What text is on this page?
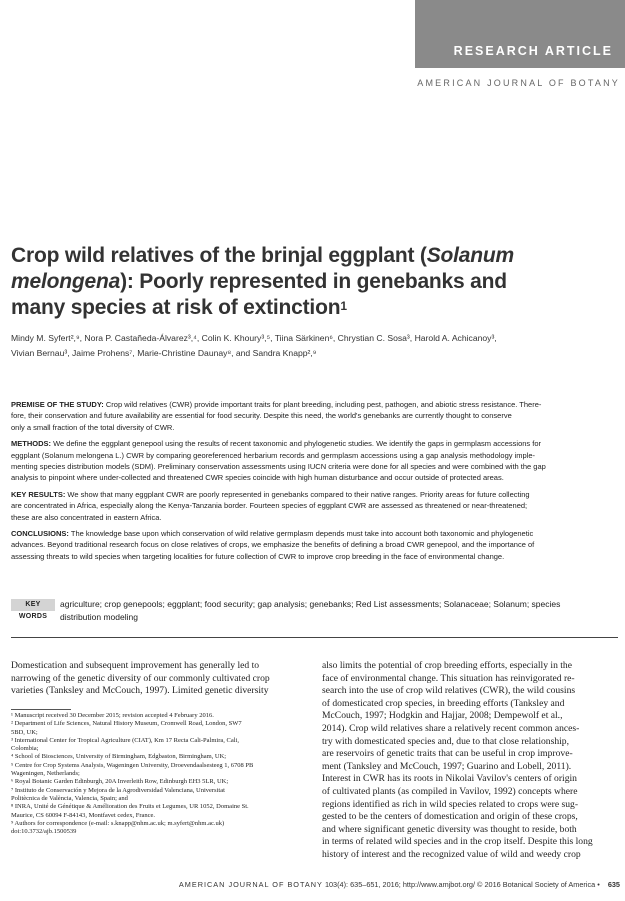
RESEARCH ARTICLE
AMERICAN JOURNAL OF BOTANY
Crop wild relatives of the brinjal eggplant (Solanum
melongena): Poorly represented in genebanks and
many species at risk of extinction$^1$
Mindy M. Syfert²,⁹, Nora P. Castañeda-Álvarez³,⁴, Colin K. Khoury³,⁵, Tiina Särkinen⁶, Chrystian C. Sosa³, Harold A. Achicanoy³,
Vivian Bernau³, Jaime Prohens⁷, Marie-Christine Daunay⁸, and Sandra Knapp²,⁹

PREMISE OF THE STUDY: Crop wild relatives (CWR) provide important traits for plant breeding, including pest, pathogen, and abiotic stress resistance. There-
fore, their conservation and future availability are essential for food security. Despite this need, the world's genebanks are currently thought to conserve
only a small fraction of the total diversity of CWR.

METHODS: We define the eggplant genepool using the results of recent taxonomic and phylogenetic studies. We identify the gaps in germplasm accessions for
eggplant (Solanum melongena L.) CWR by comparing georeferenced herbarium records and germplasm accessions using a gap analysis methodology imple-
menting species distribution models (SDM). Preliminary conservation assessments using IUCN criteria were done for all species and were combined with the gap
analysis to pinpoint where under-collected and threatened CWR species coincide with high human disturbance and occur outside of protected areas.

KEY RESULTS: We show that many eggplant CWR are poorly represented in genebanks compared to their native ranges. Priority areas for future collecting
are concentrated in Africa, especially along the Kenya-Tanzania border. Fourteen species of eggplant CWR are assessed as threatened or near-threatened;
these are also concentrated in eastern Africa.

CONCLUSIONS: The knowledge base upon which conservation of wild relative germplasm depends must take into account both taxonomic and phylogenetic
advances. Beyond traditional research focus on close relatives of crops, we emphasize the benefits of defining a broad CWR genepool, and the importance of
assessing threats to wild species when targeting localities for future collection of CWR to improve crop breeding in the face of environmental change.

KEY WORDS
agriculture; crop genepools; eggplant; food security; gap analysis; genebanks; Red List assessments; Solanaceae; Solanum; species
distribution modeling
Domestication and subsequent improvement has generally led to
narrowing of the genetic diversity of our commonly cultivated crop
varieties (Tanksley and McCouch, 1997). Limited genetic diversity
¹ Manuscript received 30 December 2015; revision accepted 4 February 2016.
² Department of Life Sciences, Natural History Museum, Cromwell Road, London, SW7
5BD, UK;
³ International Center for Tropical Agriculture (CIAT), Km 17 Recta Cali-Palmira, Cali,
Colombia;
⁴ School of Biosciences, University of Birmingham, Edgbaston, Birmingham, UK;
⁵ Centre for Crop Systems Analysis, Wageningen University, Droevendaalsesteeg 1, 6708 PB
Wageningen, Netherlands;
⁶ Royal Botanic Garden Edinburgh, 20A Inverleith Row, Edinburgh EH3 5LR, UK;
⁷ Instituto de Conservación y Mejora de la Agrodiversidad Valenciana, Universitat
Politècnica de València, Valencia, Spain; and
⁸ INRA, Unité de Génétique & Amélioration des Fruits et Legumes, UR 1052, Domaine St.
Maurice, CS 60094 F-84143, Montfavet cedex, France.
⁹ Authors for correspondence (e-mail: s.knapp@nhm.ac.uk; m.syfert@nhm.ac.uk)
doi:10.3732/ajb.1500539
also limits the potential of crop breeding efforts, especially in the
face of environmental change. This situation has reinvigorated re-
search into the use of crop wild relatives (CWR), the wild cousins
of domesticated crop species, in breeding efforts (Tanksley and
McCouch, 1997; Hodgkin and Hajjar, 2008; Dempewolf et al.,
2014). Crop wild relatives share a relatively recent common ances-
try with domesticated species and, due to that close relationship,
are reservoirs of genetic traits that can be useful in crop improve-
ment (Tanksley and McCouch, 1997; Guarino and Lobell, 2011).
Interest in CWR has its roots in Nikolai Vavilov's centers of origin
of cultivated plants (as compiled in Vavilov, 1992) concepts where
regions identified as rich in wild species related to crops were sug-
gested to be the centers of domestication and origin of these crops,
and where significant genetic diversity was thought to reside, both
in terms of related wild species and in the crop itself. Despite this long
history of interest and the recognized value of wild and weedy crop
AMERICAN JOURNAL OF BOTANY 103(4): 635–651, 2016; http://www.amjbot.org/ © 2016 Botanical Society of America • 635
